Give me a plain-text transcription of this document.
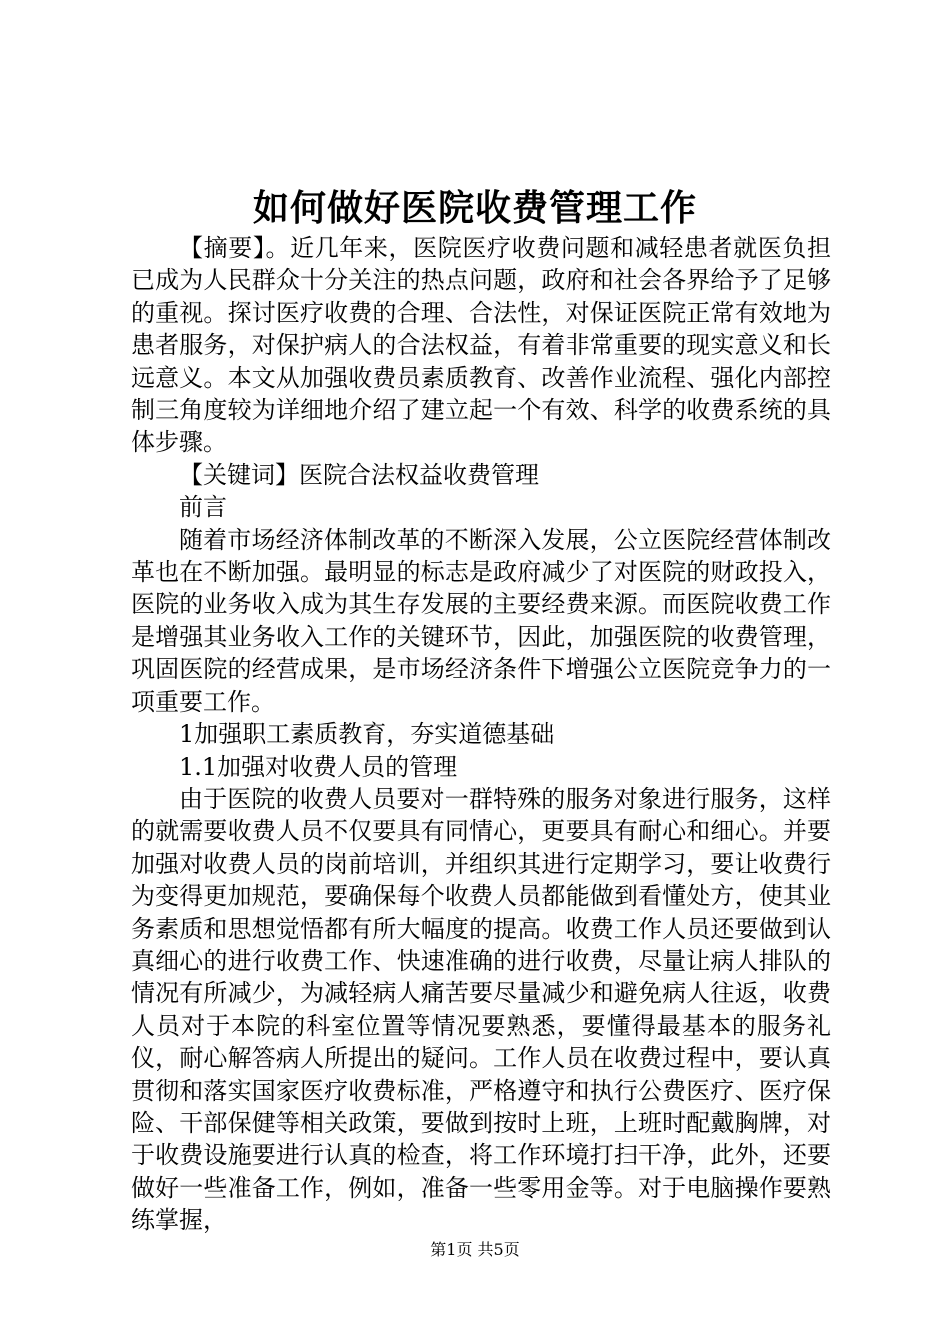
如何做好医院收费管理工作

【摘要】。近几年来，医院医疗收费问题和减轻患者就医负担已成为人民群众十分关注的热点问题，政府和社会各界给予了足够的重视。探讨医疗收费的合理、合法性，对保证医院正常有效地为患者服务，对保护病人的合法权益，有着非常重要的现实意义和长远意义。本文从加强收费员素质教育、改善作业流程、强化内部控制三角度较为详细地介绍了建立起一个有效、科学的收费系统的具体步骤。

【关键词】医院合法权益收费管理

前言

随着市场经济体制改革的不断深入发展，公立医院经营体制改革也在不断加强。最明显的标志是政府减少了对医院的财政投入，医院的业务收入成为其生存发展的主要经费来源。而医院收费工作是增强其业务收入工作的关键环节，因此，加强医院的收费管理，巩固医院的经营成果，是市场经济条件下增强公立医院竞争力的一项重要工作。

1加强职工素质教育，夯实道德基础

1.1加强对收费人员的管理

由于医院的收费人员要对一群特殊的服务对象进行服务，这样的就需要收费人员不仅要具有同情心，更要具有耐心和细心。并要加强对收费人员的岗前培训，并组织其进行定期学习，要让收费行为变得更加规范，要确保每个收费人员都能做到看懂处方，使其业务素质和思想觉悟都有所大幅度的提高。收费工作人员还要做到认真细心的进行收费工作、快速准确的进行收费，尽量让病人排队的情况有所减少，为减轻病人痛苦要尽量减少和避免病人往返，收费人员对于本院的科室位置等情况要熟悉，要懂得最基本的服务礼仪，耐心解答病人所提出的疑问。工作人员在收费过程中，要认真贯彻和落实国家医疗收费标准，严格遵守和执行公费医疗、医疗保险、干部保健等相关政策，要做到按时上班，上班时配戴胸牌，对于收费设施要进行认真的检查，将工作环境打扫干净，此外，还要做好一些准备工作，例如，准备一些零用金等。对于电脑操作要熟练掌握，

第1页 共5页
